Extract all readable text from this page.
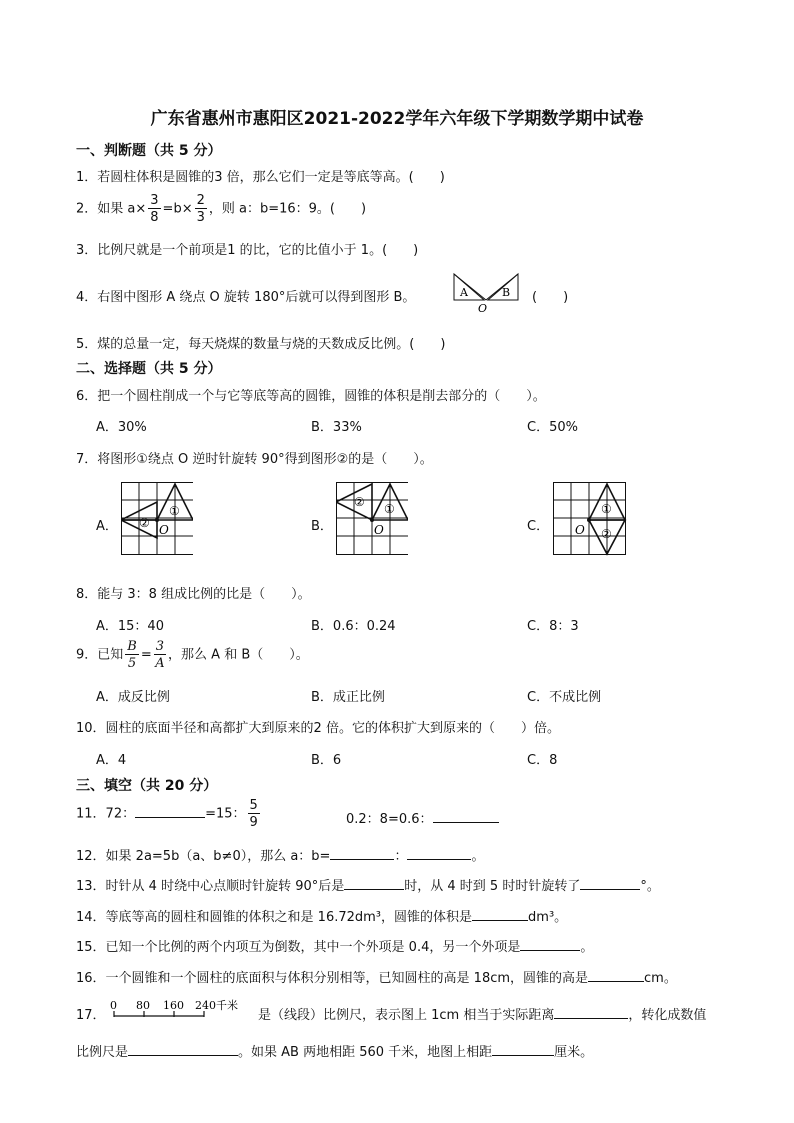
广东省惠州市惠阳区2021-2022学年六年级下学期数学期中试卷
一、判断题（共 5 分）
1．若圆柱体积是圆锥的3 倍，那么它们一定是等底等高。(　　)
2．如果 $a\times \frac{3}{8} =b\times \frac{2}{3}$ ，则 a：b=16：9。(　　)
3．比例尺就是一个前项是1 的比，它的比值小于 1。(　　)
4．右图中图形 A 绕点 O 旋转 180°后就可以得到图形 B。	A	B
O
(　　)
5．煤的总量一定，每天烧煤的数量与烧的天数成反比例。(　　)
二、选择题（共 5 分）
6．把一个圆柱削成一个与它等底等高的圆锥，圆锥的体积是削去部分的（　　）。
A．30%	B．33%	C．50%
7．将图形①绕点 O 逆时针旋转 90°得到图形②的是（　　）。
A．
①
② O	B．
①
②
O	C．
①
②
O
8．能与 3：8 组成比例的比是（　　）。
A．15：40	B．0.6：0.24	C．8：3
9．已知 $\frac{B}{5} = \frac{3}{A}$ ，那么 A 和 B（　　）。
A．成反比例	B．成正比例	C．不成比例
10．圆柱的底面半径和高都扩大到原来的2 倍。它的体积扩大到原来的（　　）倍。
A．4	B．6	C．8
三、填空（共 20 分）
11．72：	=15： $\frac{5}{9}$	0.2：8=0.6：
12．如果 2a=5b（a、b≠0），那么 a：b=	：	。
13．时针从 4 时绕中心点顺时针旋转 90°后是	时，从 4 时到 5 时时针旋转了	°。
14．等底等高的圆柱和圆锥的体积之和是 16.72dm³，圆锥的体积是	dm³。
15．已知一个比例的两个内项互为倒数，其中一个外项是 0.4，另一个外项是	。
16．一个圆锥和一个圆柱的底面积与体积分别相等，已知圆柱的高是 18cm，圆锥的高是	cm。
17．
0 80 160 240千米
是（线段）比例尺，表示图上 1cm 相当于实际距离	，转化成数值
比例尺是	。如果 AB 两地相距 560 千米，地图上相距	厘米。
